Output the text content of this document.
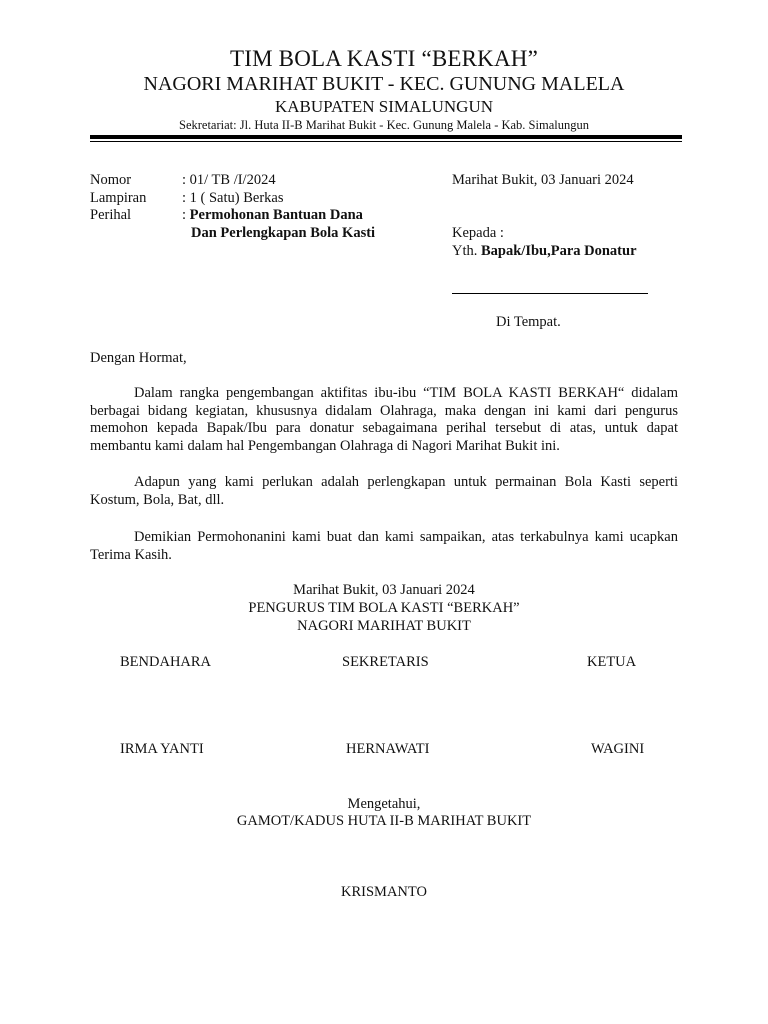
TIM BOLA KASTI “BERKAH”
NAGORI MARIHAT BUKIT - KEC. GUNUNG MALELA
KABUPATEN SIMALUNGUN
Sekretariat: Jl. Huta II-B Marihat Bukit - Kec. Gunung Malela - Kab. Simalungun
Nomor	: 01/ TB /I/2024
Lampiran : 1 ( Satu) Berkas
Perihal	: Permohonan Bantuan Dana
Dan Perlengkapan Bola Kasti
Marihat Bukit, 03 Januari 2024
Kepada :
Yth. Bapak/Ibu,Para Donatur
Di Tempat.
Dengan Hormat,
Dalam rangka pengembangan aktifitas ibu-ibu “TIM BOLA KASTI BERKAH“ didalam berbagai bidang kegiatan, khususnya didalam Olahraga, maka dengan ini kami dari pengurus memohon kepada Bapak/Ibu para donatur sebagaimana perihal tersebut di atas, untuk dapat membantu kami dalam hal Pengembangan Olahraga di Nagori Marihat Bukit ini.
Adapun yang kami perlukan adalah perlengkapan untuk permainan Bola Kasti seperti Kostum, Bola, Bat, dll.
Demikian Permohonanini kami buat dan kami sampaikan, atas terkabulnya kami ucapkan Terima Kasih.
Marihat Bukit, 03 Januari 2024
PENGURUS TIM BOLA KASTI “BERKAH”
NAGORI MARIHAT BUKIT
BENDAHARA	SEKRETARIS	KETUA
IRMA YANTI	HERNAWATI	WAGINI
Mengetahui,
GAMOT/KADUS HUTA II-B MARIHAT BUKIT
KRISMANTO
